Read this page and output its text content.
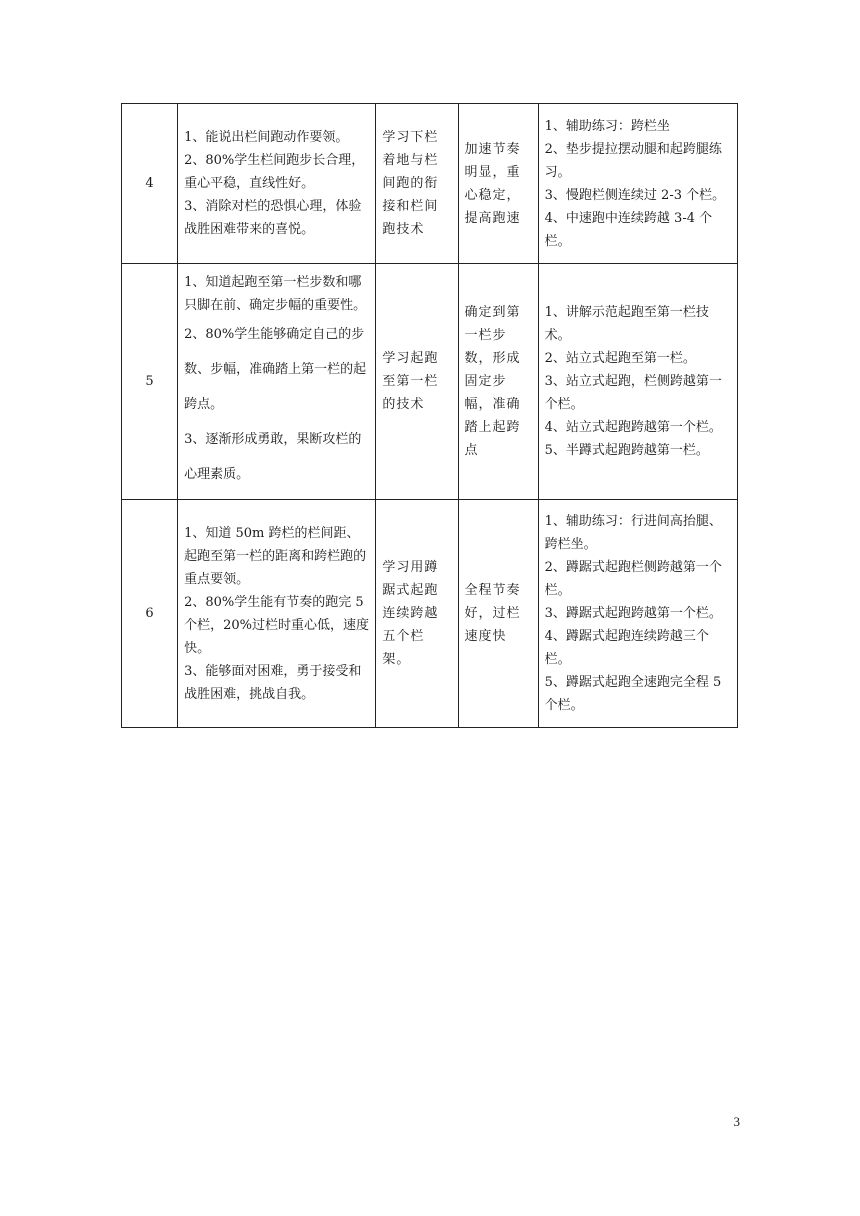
4	1、能说出栏间跑动作要领。
2、80%学生栏间跑步长合理，重心平稳，直线性好。
3、消除对栏的恐惧心理，体验战胜困难带来的喜悦。	学习下栏着地与栏间跑的衔接和栏间跑技术	加速节奏明显，重心稳定，提高跑速	1、辅助练习：跨栏坐
2、垫步提拉摆动腿和起跨腿练习。
3、慢跑栏侧连续过 2-3 个栏。
4、中速跑中连续跨越 3-4 个栏。

5	1、知道起跑至第一栏步数和哪只脚在前、确定步幅的重要性。
2、80%学生能够确定自己的步数、步幅，准确踏上第一栏的起跨点。
3、逐渐形成勇敢，果断攻栏的心理素质。	学习起跑至第一栏的技术	确定到第一栏步数，形成固定步幅，准确踏上起跨点	1、讲解示范起跑至第一栏技术。
2、站立式起跑至第一栏。
3、站立式起跑，栏侧跨越第一个栏。
4、站立式起跑跨越第一个栏。
5、半蹲式起跑跨越第一栏。

6	1、知道 50m 跨栏的栏间距、起跑至第一栏的距离和跨栏跑的重点要领。
2、80%学生能有节奏的跑完 5 个栏，20%过栏时重心低，速度快。
3、能够面对困难，勇于接受和战胜困难，挑战自我。	学习用蹲踞式起跑连续跨越五个栏架。	全程节奏好，过栏速度快	1、辅助练习：行进间高抬腿、跨栏坐。
2、蹲踞式起跑栏侧跨越第一个栏。
3、蹲踞式起跑跨越第一个栏。
4、蹲踞式起跑连续跨越三个栏。
5、蹲踞式起跑全速跑完全程 5 个栏。
3
